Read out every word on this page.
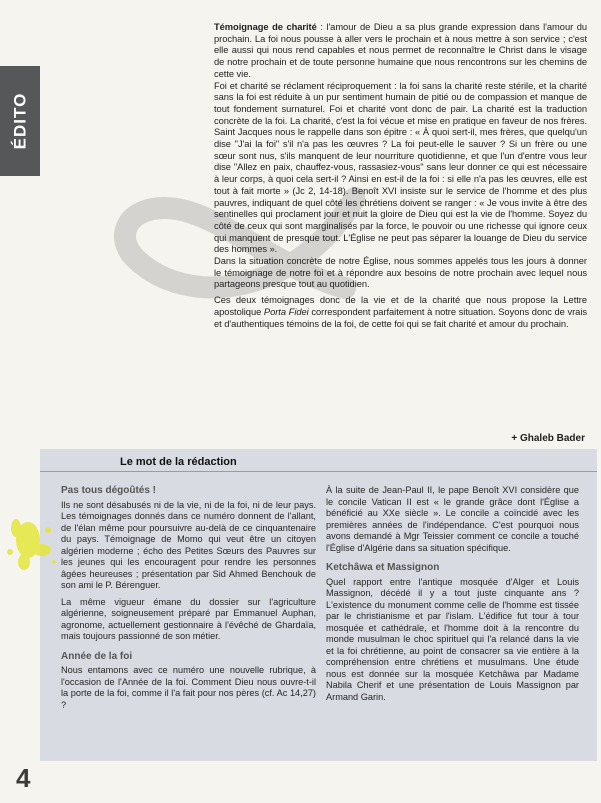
ÉDITO

Témoignage de charité : l'amour de Dieu a sa plus grande expression dans l'amour du prochain. La foi nous pousse à aller vers le prochain et à nous mettre à son service ; c'est elle aussi qui nous rend capables et nous permet de reconnaître le Christ dans le visage de notre prochain et de toute personne humaine que nous rencontrons sur les chemins de cette vie.

Foi et charité se réclament réciproquement : la foi sans la charité reste stérile, et la charité sans la foi est réduite à un pur sentiment humain de pitié ou de compassion et manque de tout fondement surnaturel. Foi et charité vont donc de pair. La charité est la traduction concrète de la foi. La charité, c'est la foi vécue et mise en pratique en faveur de nos frères. Saint Jacques nous le rappelle dans son épitre : « À quoi sert-il, mes frères, que quelqu'un dise "J'ai la foi" s'il n'a pas les œuvres ? La foi peut-elle le sauver ? Si un frère ou une sœur sont nus, s'ils manquent de leur nourriture quotidienne, et que l'un d'entre vous leur dise "Allez en paix, chauffez-vous, rassasiez-vous" sans leur donner ce qui est nécessaire à leur corps, à quoi cela sert-il ? Ainsi en est-il de la foi : si elle n'a pas les œuvres, elle est tout à fait morte » (Jc 2, 14-18). Benoît XVI insiste sur le service de l'homme et des plus pauvres, indiquant de quel côté les chrétiens doivent se ranger : « Je vous invite à être des sentinelles qui proclament jour et nuit la gloire de Dieu qui est la vie de l'homme. Soyez du côté de ceux qui sont marginalisés par la force, le pouvoir ou une richesse qui ignore ceux qui manquent de presque tout. L'Église ne peut pas séparer la louange de Dieu du service des hommes ».

Dans la situation concrète de notre Église, nous sommes appelés tous les jours à donner le témoignage de notre foi et à répondre aux besoins de notre prochain avec lequel nous partageons presque tout au quotidien.

Ces deux témoignages donc de la vie et de la charité que nous propose la Lettre apostolique Porta Fidei correspondent parfaitement à notre situation. Soyons donc de vrais et d'authentiques témoins de la foi, de cette foi qui se fait charité et amour du prochain.

+ Ghaleb Bader
Le mot de la rédaction
Pas tous dégoûtés !

Ils ne sont désabusés ni de la vie, ni de la foi, ni de leur pays. Les témoignages donnés dans ce numéro donnent de l'allant, de l'élan même pour poursuivre au-delà de ce cinquantenaire du pays. Témoignage de Momo qui veut être un citoyen algérien moderne ; écho des Petites Sœurs des Pauvres sur les jeunes qui les encouragent pour rendre les personnes âgées heureuses ; présentation par Sid Ahmed Benchouk de son ami le P. Bérenguer.

La même vigueur émane du dossier sur l'agriculture algérienne, soigneusement préparé par Emmanuel Auphan, agronome, actuellement gestionnaire à l'évêché de Ghardaïa, mais toujours passionné de son métier.

Année de la foi

Nous entamons avec ce numéro une nouvelle rubrique, à l'occasion de l'Année de la foi. Comment Dieu nous ouvre-t-il la porte de la foi, comme il l'a fait pour nos pères (cf. Ac 14,27) ?

À la suite de Jean-Paul II, le pape Benoît XVI considère que le concile Vatican II est « le grande grâce dont l'Église a bénéficié au XXe siècle ». Le concile a coïncidé avec les premières années de l'indépendance. C'est pourquoi nous avons demandé à Mgr Teissier comment ce concile a touché l'Église d'Algérie dans sa situation spécifique.

Ketchâwa et Massignon

Quel rapport entre l'antique mosquée d'Alger et Louis Massignon, décédé il y a tout juste cinquante ans ? L'existence du monument comme celle de l'homme est tissée par le christianisme et par l'islam. L'édifice fut tour à tour mosquée et cathédrale, et l'homme doit à la rencontre du monde musulman le choc spirituel qui l'a relancé dans la vie et la foi chrétienne, au point de consacrer sa vie entière à la compréhension entre chrétiens et musulmans. Une étude nous est donnée sur la mosquée Ketchâwa par Madame Nabila Cherif et une présentation de Louis Massignon par Armand Garin.

4
